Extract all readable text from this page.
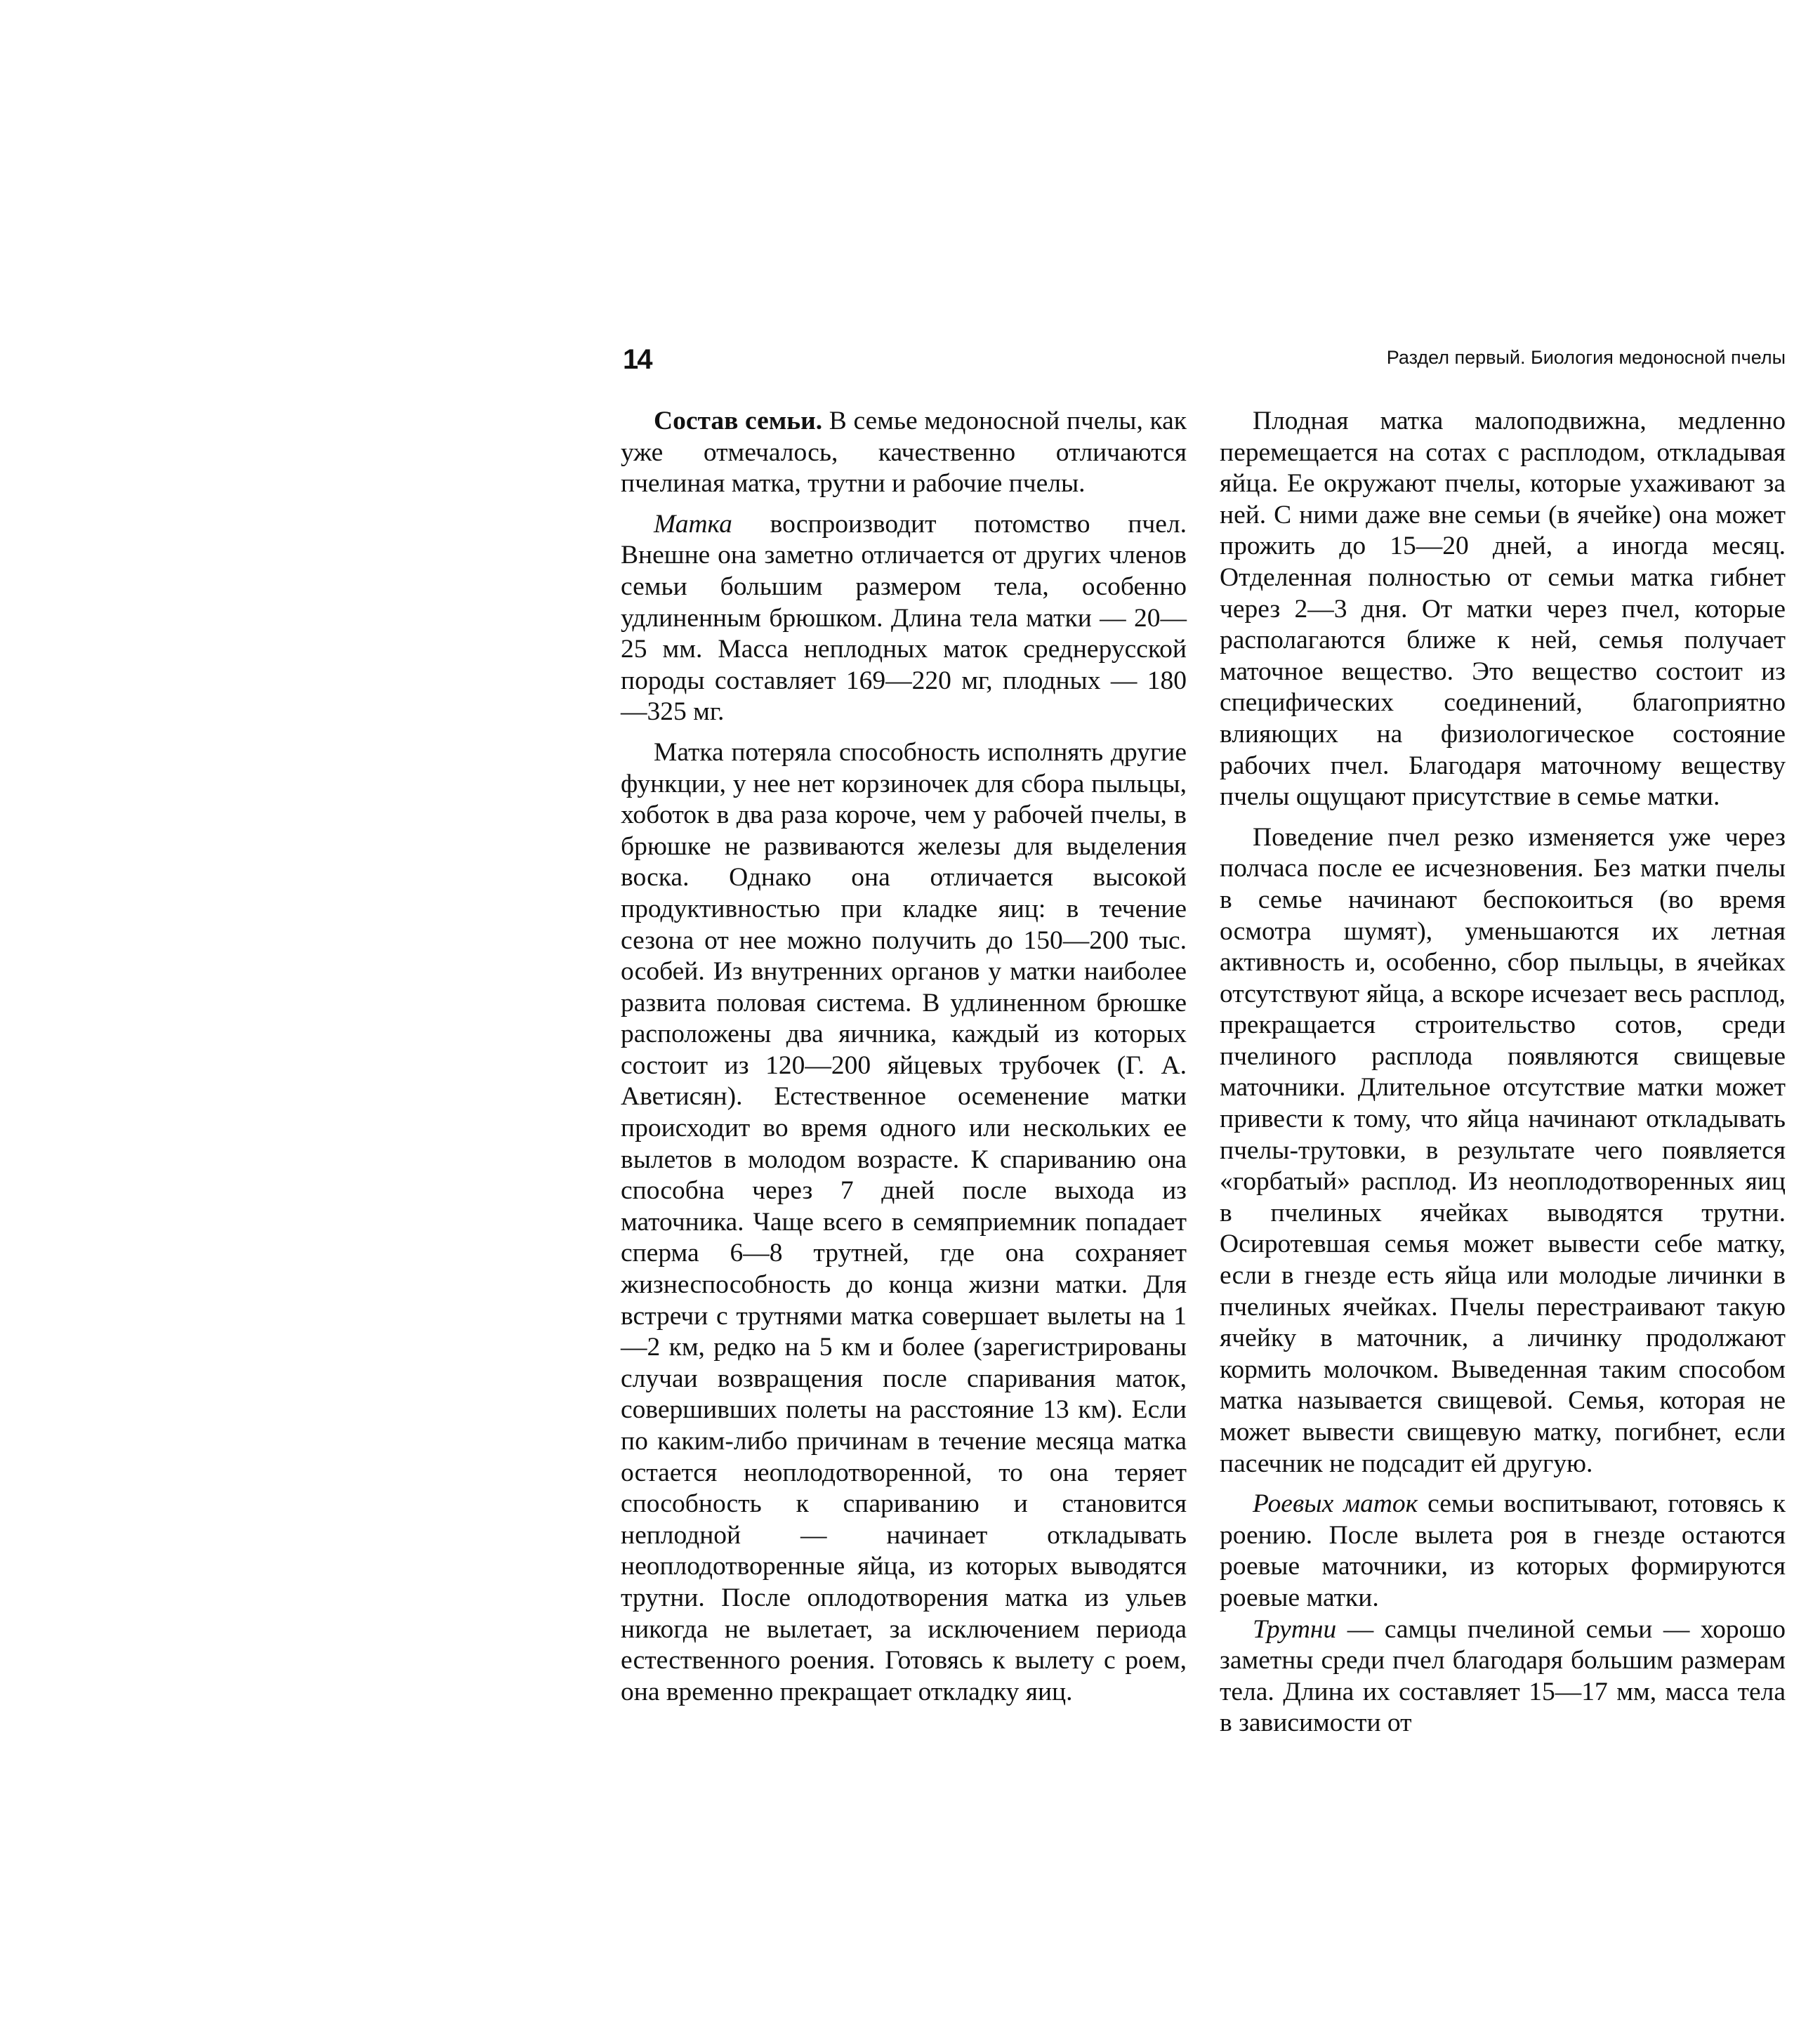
14	Раздел первый. Биология медоносной пчелы

Состав семьи. В семье медоносной пчелы, как уже отмечалось, качественно отличаются пчелиная матка, трутни и рабочие пчелы.

Матка воспроизводит потомство пчел. Внешне она заметно отличается от других членов семьи большим размером тела, особенно удлиненным брюшком. Длина тела матки — 20—25 мм. Масса неплодных маток среднерусской породы составляет 169—220 мг, плодных — 180—325 мг.

Матка потеряла способность исполнять другие функции, у нее нет корзиночек для сбора пыльцы, хоботок в два раза короче, чем у рабочей пчелы, в брюшке не развиваются железы для выделения воска. Однако она отличается высокой продуктивностью при кладке яиц: в течение сезона от нее можно получить до 150—200 тыс. особей. Из внутренних органов у матки наиболее развита половая система. В удлиненном брюшке расположены два яичника, каждый из которых состоит из 120—200 яйцевых трубочек (Г. А. Аветисян). Естественное осеменение матки происходит во время одного или нескольких ее вылетов в молодом возрасте. К спариванию она способна через 7 дней после выхода из маточника. Чаще всего в семяприемник попадает сперма 6—8 трутней, где она сохраняет жизнеспособность до конца жизни матки. Для встречи с трутнями матка совершает вылеты на 1—2 км, редко на 5 км и более (зарегистрированы случаи возвращения после спаривания маток, совершивших полеты на расстояние 13 км). Если по каким-либо причинам в течение месяца матка остается неоплодотворенной, то она теряет способность к спариванию и становится неплодной — начинает откладывать неоплодотворенные яйца, из которых выводятся трутни. После оплодотворения матка из ульев никогда не вылетает, за исключением периода естественного роения. Готовясь к вылету с роем, она временно прекращает откладку яиц.

Плодная матка малоподвижна, медленно перемещается на сотах с расплодом, откладывая яйца. Ее окружают пчелы, которые ухаживают за ней. С ними даже вне семьи (в ячейке) она может прожить до 15—20 дней, а иногда месяц. Отделенная полностью от семьи матка гибнет через 2—3 дня. От матки через пчел, которые располагаются ближе к ней, семья получает маточное вещество. Это вещество состоит из специфических соединений, благоприятно влияющих на физиологическое состояние рабочих пчел. Благодаря маточному веществу пчелы ощущают присутствие в семье матки.

Поведение пчел резко изменяется уже через полчаса после ее исчезновения. Без матки пчелы в семье начинают беспокоиться (во время осмотра шумят), уменьшаются их летная активность и, особенно, сбор пыльцы, в ячейках отсутствуют яйца, а вскоре исчезает весь расплод, прекращается строительство сотов, среди пчелиного расплода появляются свищевые маточники. Длительное отсутствие матки может привести к тому, что яйца начинают откладывать пчелы-трутовки, в результате чего появляется «горбатый» расплод. Из неоплодотворенных яиц в пчелиных ячейках выводятся трутни. Осиротевшая семья может вывести себе матку, если в гнезде есть яйца или молодые личинки в пчелиных ячейках. Пчелы перестраивают такую ячейку в маточник, а личинку продолжают кормить молочком. Выведенная таким способом матка называется свищевой. Семья, которая не может вывести свищевую матку, погибнет, если пасечник не подсадит ей другую.

Роевых маток семьи воспитывают, готовясь к роению. После вылета роя в гнезде остаются роевые маточники, из которых формируются роевые матки.

Трутни — самцы пчелиной семьи — хорошо заметны среди пчел благодаря большим размерам тела. Длина их составляет 15—17 мм, масса тела в зависимости от
